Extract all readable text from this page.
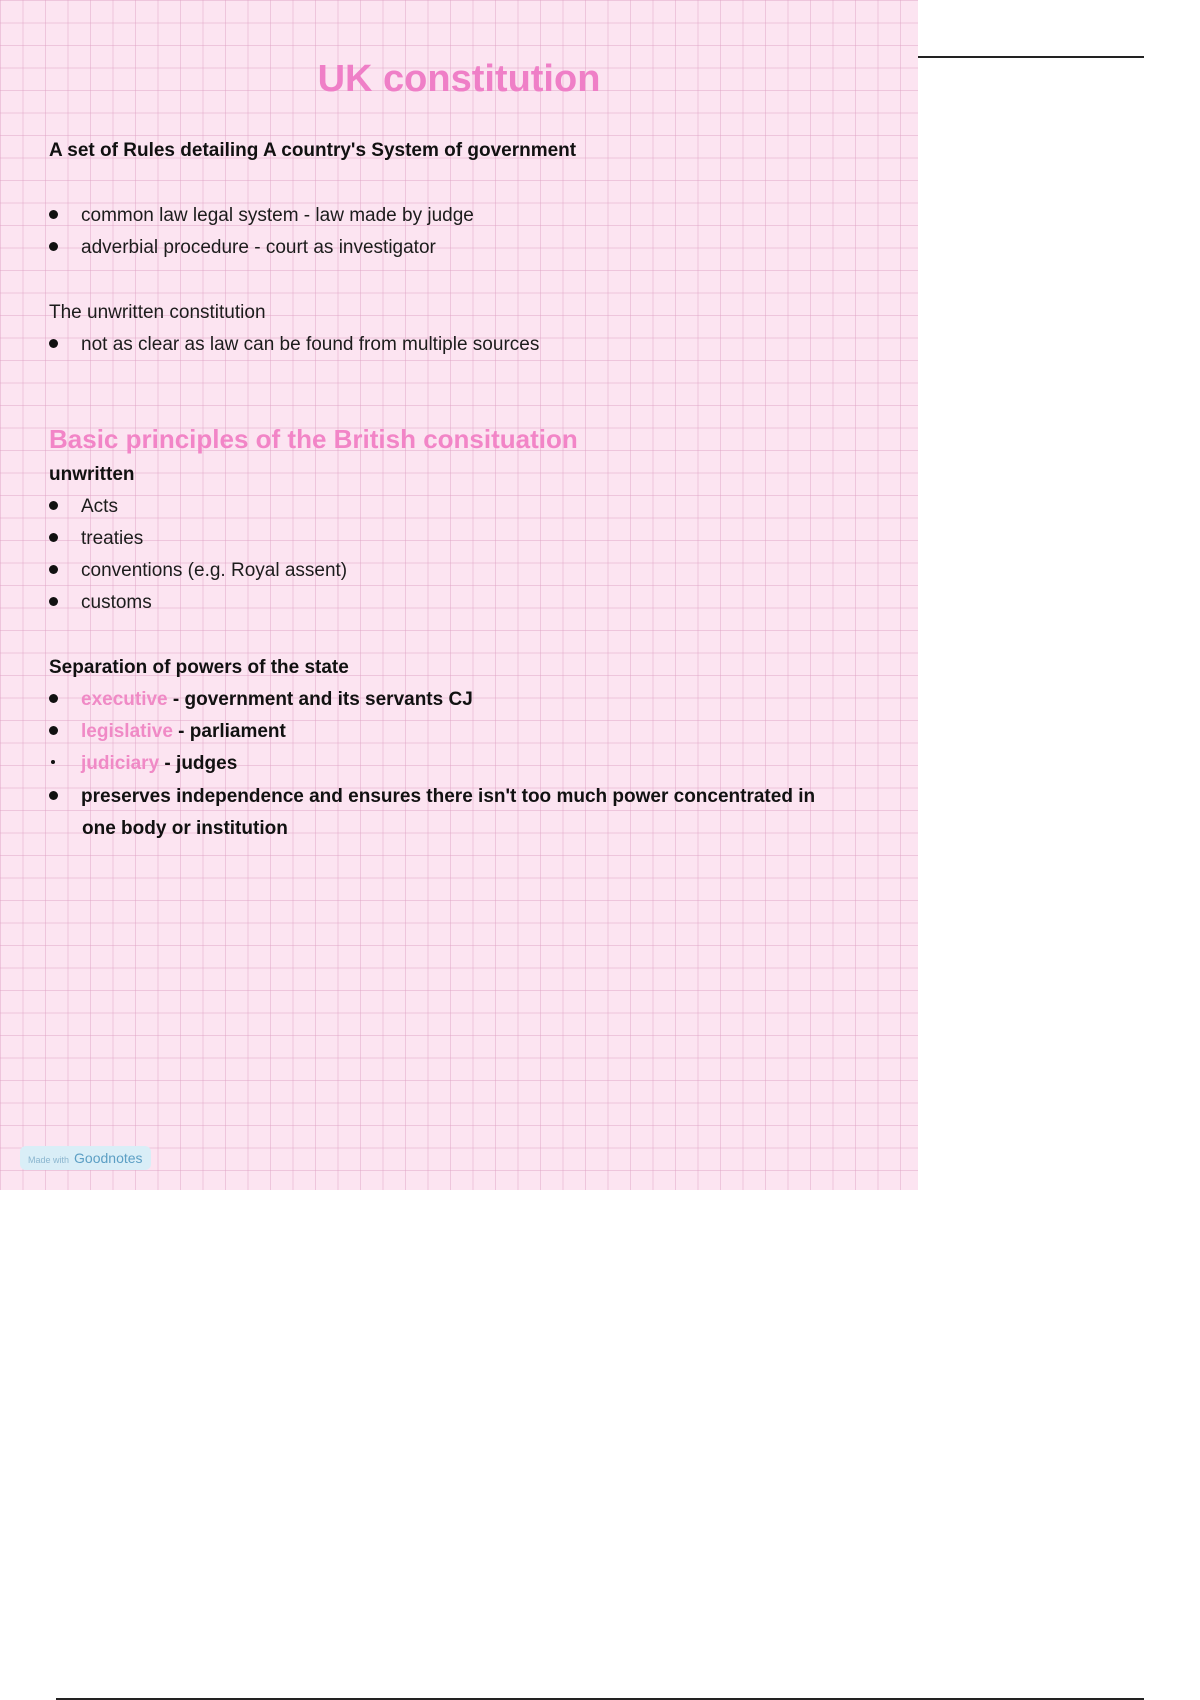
UK constitution
A set of Rules detailing A country's System of government
common law legal system - law made by judge
adverbial procedure - court as investigator
The unwritten constitution
not as clear as law can be found from multiple sources
Basic principles of the British consituation
unwritten
Acts
treaties
conventions (e.g. Royal assent)
customs
Separation of powers of the state
executive - government and its servants CJ
legislative - parliament
judiciary - judges
preserves independence and ensures there isn't too much power concentrated in
one body or institution
Made with Goodnotes
